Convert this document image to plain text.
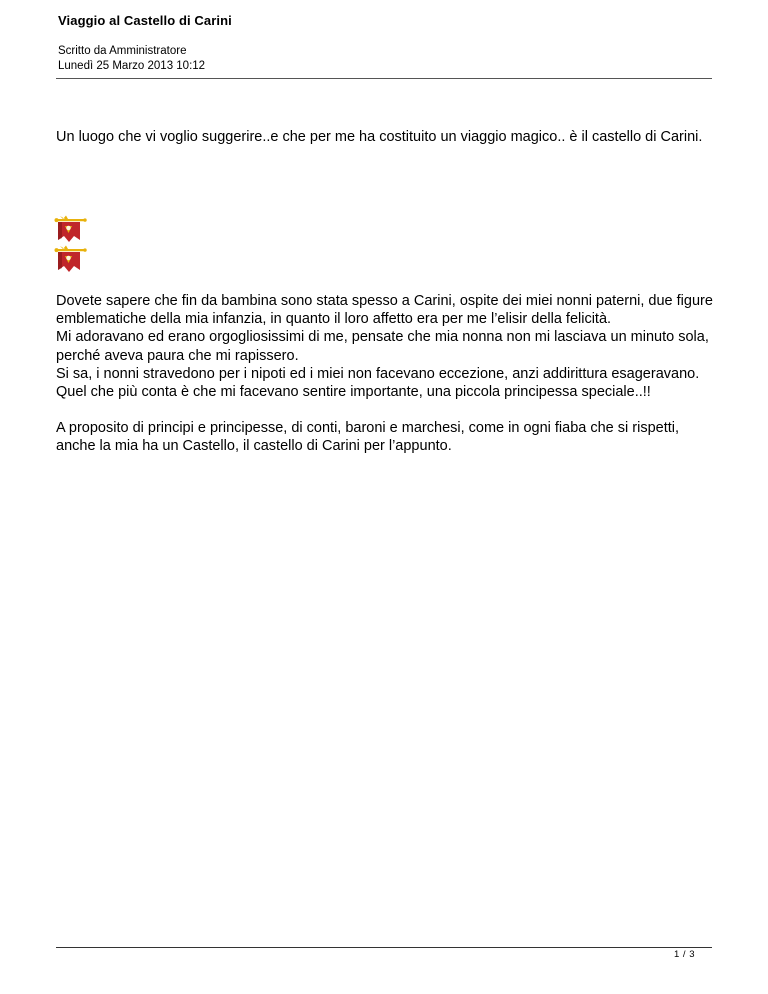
Viaggio al Castello di Carini
Scritto da Amministratore
Lunedì 25 Marzo 2013 10:12
Un luogo che vi voglio suggerire..e che per me ha costituito un viaggio magico.. è il castello di Carini.

Dovete sapere che fin da bambina sono stata spesso a Carini, ospite dei miei nonni paterni, due figure emblematiche della mia infanzia, in quanto il loro affetto era per me l’elisir della felicità.

Mi adoravano ed erano orgogliosissimi di me, pensate che mia nonna non mi lasciava un minuto sola, perché aveva paura che mi rapissero.

Si sa, i nonni stravedono per i nipoti ed i miei non facevano eccezione, anzi addirittura esageravano.

Quel che più conta è che mi facevano sentire importante, una piccola principessa speciale..!!

A proposito di principi e principesse, di conti, baroni e marchesi, come in ogni fiaba che si rispetti, anche la mia ha un Castello, il castello di Carini per l’appunto.

1 / 3
